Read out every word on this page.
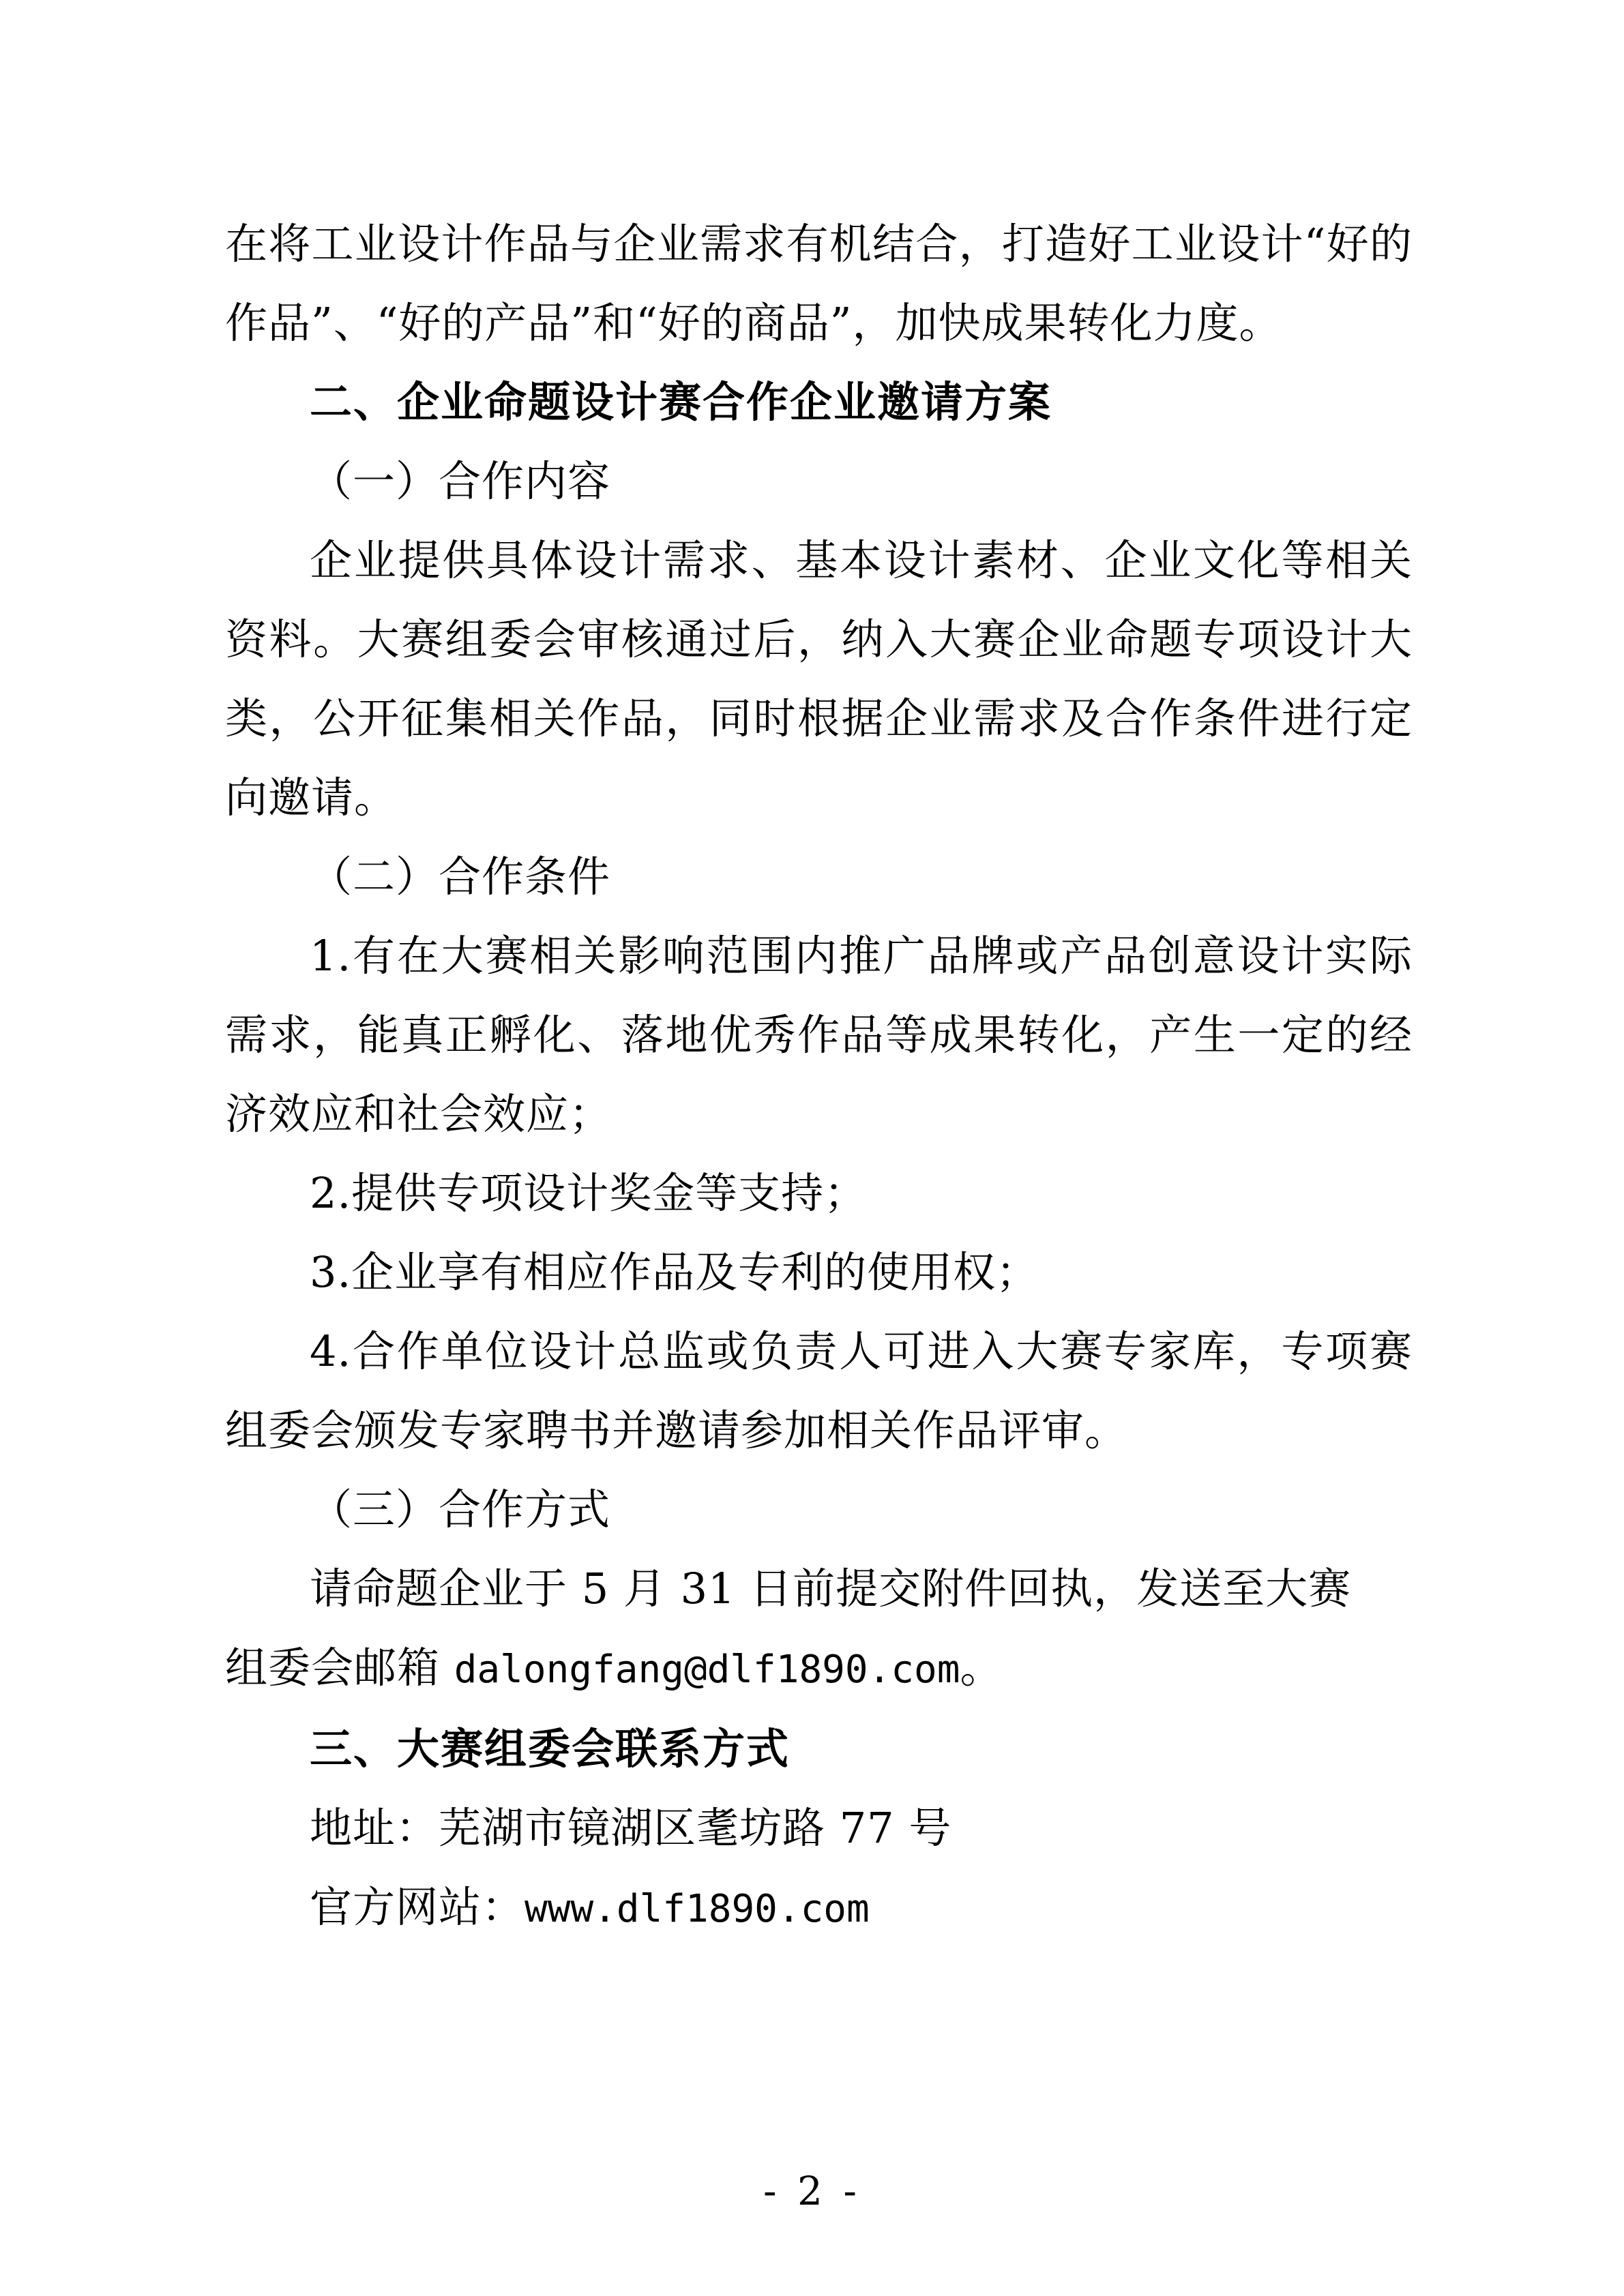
在将工业设计作品与企业需求有机结合，打造好工业设计“好的作品”、“好的产品”和“好的商品”，加快成果转化力度。

二、企业命题设计赛合作企业邀请方案

（一）合作内容

企业提供具体设计需求、基本设计素材、企业文化等相关资料。大赛组委会审核通过后，纳入大赛企业命题专项设计大类，公开征集相关作品，同时根据企业需求及合作条件进行定向邀请。

（二）合作条件

1.有在大赛相关影响范围内推广品牌或产品创意设计实际需求，能真正孵化、落地优秀作品等成果转化，产生一定的经济效应和社会效应；

2.提供专项设计奖金等支持；

3.企业享有相应作品及专利的使用权；

4.合作单位设计总监或负责人可进入大赛专家库，专项赛组委会颁发专家聘书并邀请参加相关作品评审。

（三）合作方式

请命题企业于 5 月 31 日前提交附件回执，发送至大赛

组委会邮箱 dalongfang@dlf1890.com。

三、大赛组委会联系方式

地址：芜湖市镜湖区耄坊路 77 号

官方网站：www.dlf1890.com

- 2 -
